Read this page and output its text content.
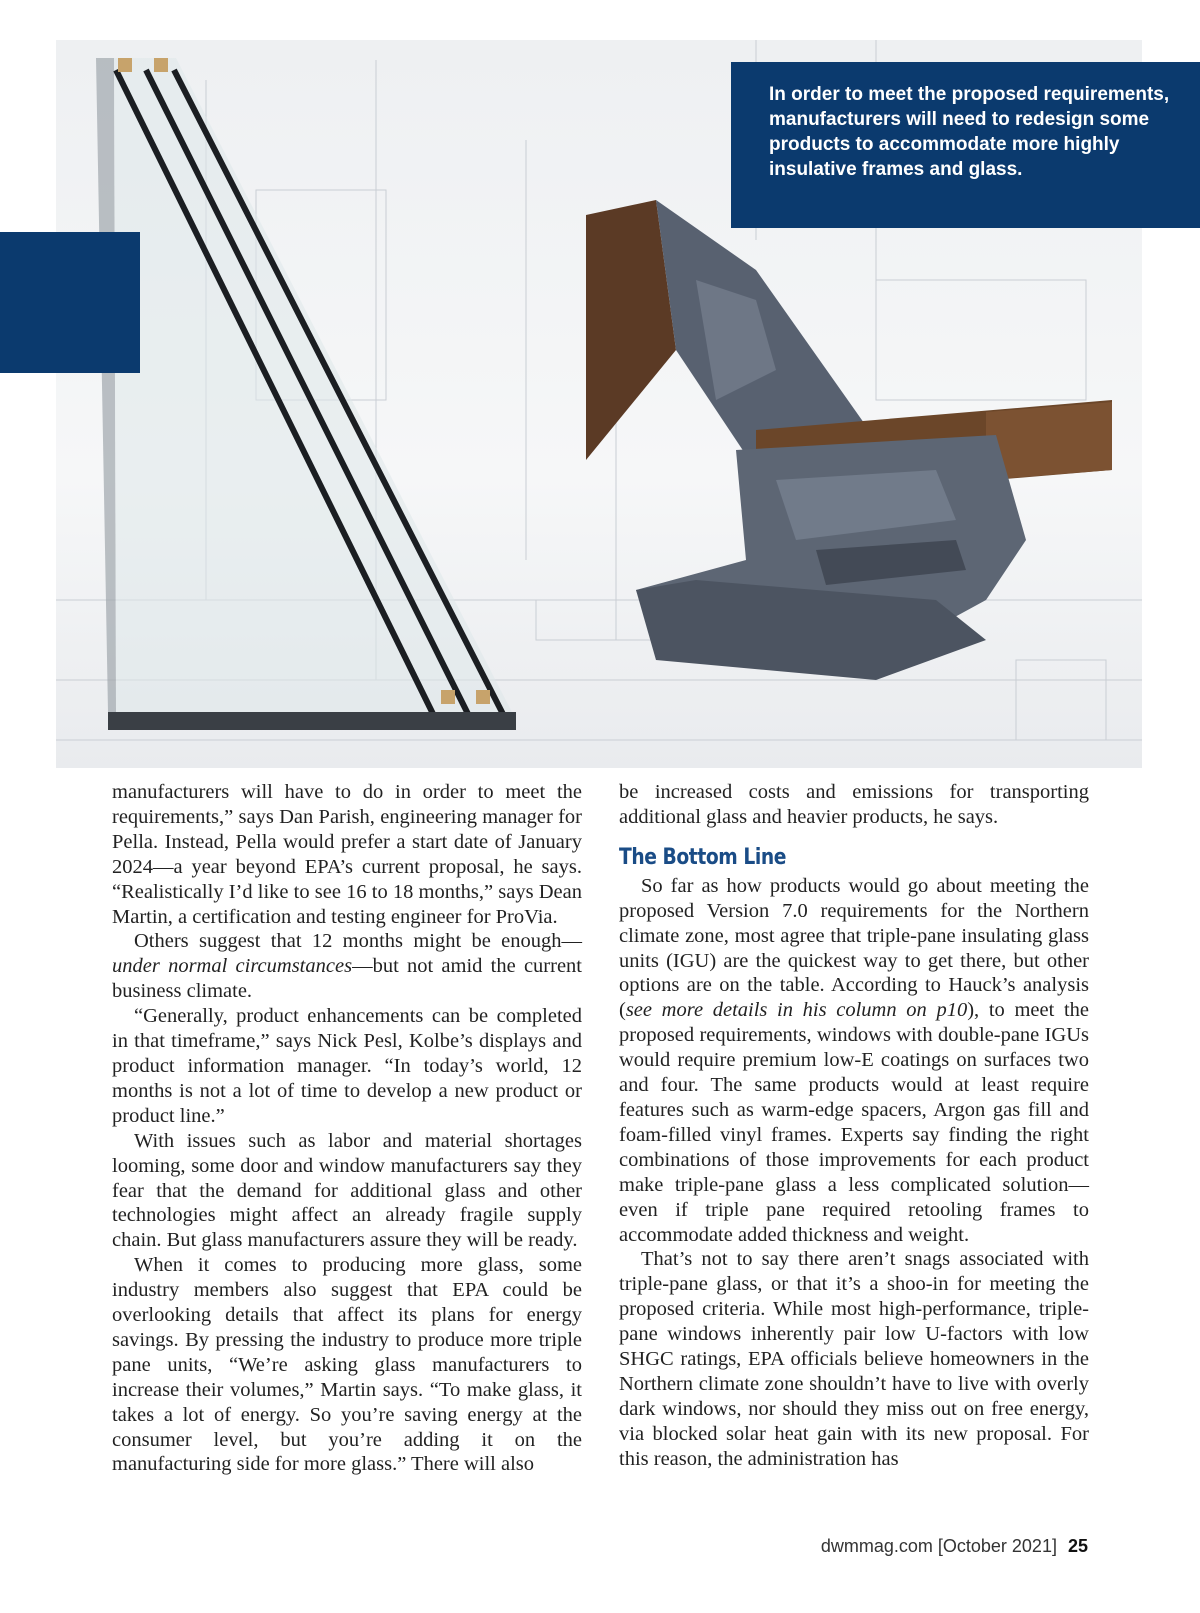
In order to meet the proposed requirements, manufacturers will need to redesign some products to accommodate more highly insulative frames and glass.

manufacturers will have to do in order to meet the requirements,” says Dan Parish, engineering manager for Pella. Instead, Pella would prefer a start date of January 2024—a year beyond EPA’s current proposal, he says. “Realistically I’d like to see 16 to 18 months,” says Dean Martin, a certification and testing engineer for ProVia.

Others suggest that 12 months might be enough—under normal circumstances—but not amid the current business climate.

“Generally, product enhancements can be completed in that timeframe,” says Nick Pesl, Kolbe’s displays and product information manager. “In today’s world, 12 months is not a lot of time to develop a new product or product line.”

With issues such as labor and material shortages looming, some door and window manufacturers say they fear that the demand for additional glass and other technologies might affect an already fragile supply chain. But glass manufacturers assure they will be ready.

When it comes to producing more glass, some industry members also suggest that EPA could be overlooking details that affect its plans for energy savings. By pressing the industry to produce more triple pane units, “We’re asking glass manufacturers to increase their volumes,” Martin says. “To make glass, it takes a lot of energy. So you’re saving energy at the consumer level, but you’re adding it on the manufacturing side for more glass.” There will also

be increased costs and emissions for transporting additional glass and heavier products, he says.

The Bottom Line

So far as how products would go about meeting the proposed Version 7.0 requirements for the Northern climate zone, most agree that triple-pane insulating glass units (IGU) are the quickest way to get there, but other options are on the table. According to Hauck’s analysis (see more details in his column on p10), to meet the proposed requirements, windows with double-pane IGUs would require premium low-E coatings on surfaces two and four. The same products would at least require features such as warm-edge spacers, Argon gas fill and foam-filled vinyl frames. Experts say finding the right combinations of those improvements for each product make triple-pane glass a less complicated solution—even if triple pane required retooling frames to accommodate added thickness and weight.

That’s not to say there aren’t snags associated with triple-pane glass, or that it’s a shoo-in for meeting the proposed criteria. While most high-performance, triple-pane windows inherently pair low U-factors with low SHGC ratings, EPA officials believe homeowners in the Northern climate zone shouldn’t have to live with overly dark windows, nor should they miss out on free energy, via blocked solar heat gain with its new proposal. For this reason, the administration has

dwmmag.com [October 2021] 25
